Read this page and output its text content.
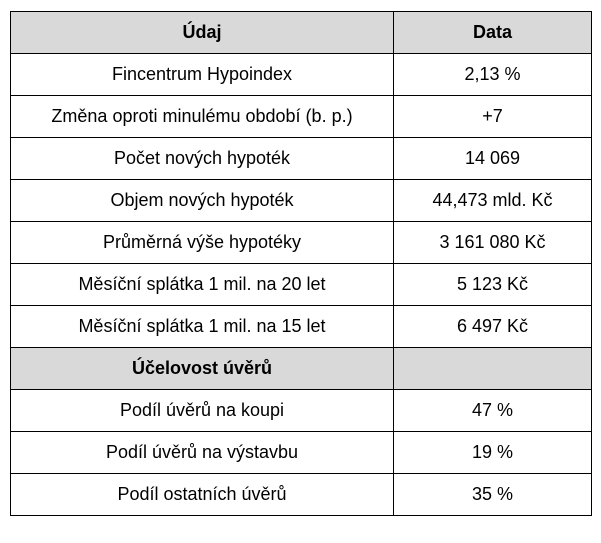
Údaj	Data
Fincentrum Hypoindex	2,13 %
Změna oproti minulému období (b. p.)	+7
Počet nových hypoték	14 069
Objem nových hypoték	44,473 mld. Kč
Průměrná výše hypotéky	3 161 080 Kč
Měsíční splátka 1 mil. na 20 let	5 123 Kč
Měsíční splátka 1 mil. na 15 let	6 497 Kč
Účelovost úvěrů	
Podíl úvěrů na koupi	47 %
Podíl úvěrů na výstavbu	19 %
Podíl ostatních úvěrů	35 %
